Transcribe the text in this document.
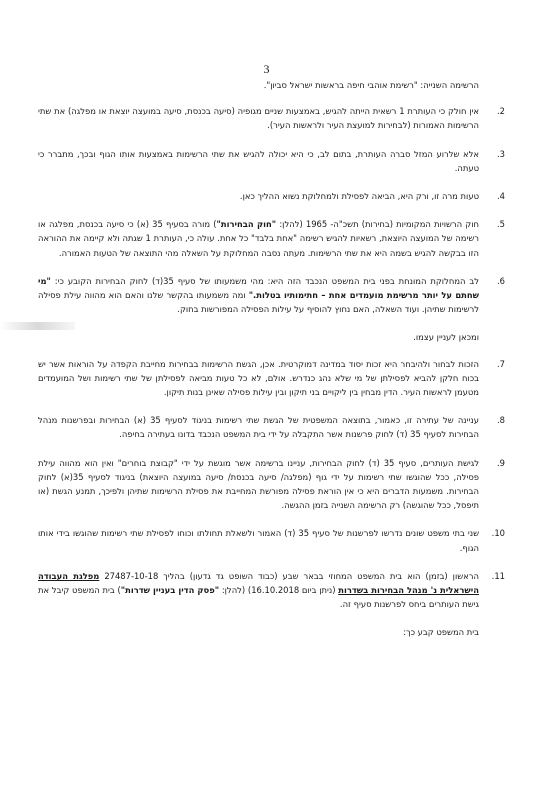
3

הרשימה השנייה: "רשימת אוהבי חיפה בראשות ישראל סביון".

2.
אין חולק כי העותרת 1 רשאית הייתה להגיש, באמצעות שניים מגופיה (סיעה בכנסת, סיעה במועצה יוצאת או מפלגה) את שתי הרשימות האמורות (לבחירות למועצת העיר ולראשות העיר).
3.
אלא שלרוע המזל סברה העותרת, בתום לב, כי היא יכולה להגיש את שתי הרשימות באמצעות אותו הגוף ובכך, מתברר כי טעתה.
4.
טעות מרה זו, ורק היא, הביאה לפסילת ולמחלוקת נשוא ההליך כאן.
5.
חוק הרשויות המקומיות (בחירות) תשכ"ה- 1965 (להלן: "חוק הבחירות") מורה בסעיף 35 (א) כי סיעה בכנסת, מפלגה או רשימה של המועצה היוצאת, רשאיות להגיש רשימה "אחת בלבד" כל אחת. עולה כי, העותרת 1 שגתה ולא קיימה את ההוראה הזו בבקשה להגיש בשמה היא את שתי הרשימות. מעתה נסבה המחלוקת על השאלה מהי התוצאה של הטעות האמורה.
6.
לב המחלוקת המונחת בפני בית המשפט הנכבד הזה היא: מהי משמעותו של סעיף 35(ד) לחוק הבחירות הקובע כי: "מי שחתם על יותר מרשימת מועמדים אחת – חתימותיו בטלות." ומה משמעותו בהקשר שלנו והאם הוא מהווה עילת פסילה לרשימות שתיהן. ועוד השאלה, האם נחוץ להוסיף על עילות הפסילה המפורשות בחוק.

ומכאן לעניין עצמו.

7.
הזכות לבחור ולהיבחר היא זכות יסוד במדינה דמוקרטית. אכן, הגשת הרשימות בבחירות מחייבת הקפדה על הוראות אשר יש בכוח חלקן להביא לפסילתן של מי שלא נהג כנדרש. אולם, לא כל טעות מביאה לפסילתן של שתי רשימות ושל המועמדים מטעמן לראשות העיר. הדין מבחין בין ליקויים בני תיקון ובין עילות פסילה שאינן בנות תיקון.
8.
עניינה של עתירה זו, כאמור, בתוצאה המשפטית של הגשת שתי רשימות בניגוד לסעיף 35 (א) הבחירות ובפרשנות מנהל הבחירות לסעיף 35 (ד) לחוק פרשנות אשר התקבלה על ידי בית המשפט הנכבד בדונו בעתירה בחיפה.
9.
לגישת העותרים, סעיף 35 (ד) לחוק הבחירות, עניינו ברשימה אשר מוגשת על ידי "קבוצת בוחרים" ואין הוא מהווה עילת פסילה, ככל שהוגשו שתי רשימות על ידי גוף (מפלגה/ סיעה בכנסת/ סיעה במועצה היוצאת) בניגוד לסעיף 35(א) לחוק הבחירות. משמעות הדברים היא כי אין הוראת פסילה מפורשת המחייבת את פסילת הרשימות שתיהן ולפיכך, תמנע הגשת (או תיפסל, ככל שהוגשה) רק הרשימה השנייה בזמן ההגשה.
10.
שני בתי משפט שונים נדרשו לפרשנות של סעיף 35 (ד) האמור ולשאלת תחולתו וכוחו לפסילת שתי רשימות שהוגשו בידי אותו הגוף.
11.
הראשון (בזמן) הוא בית המשפט המחוזי בבאר שבע (כבוד השופט גד גדעון) בהליך 27487-10-18 מפלגת העבודה הישראלית נ' מנהל הבחירות בשדרות (ניתן ביום 16.10.2018) (להלן: "פסק הדין בעניין שדרות") בית המשפט קיבל את גישת העותרים ביחס לפרשנות סעיף זה.

בית המשפט קבע כך:
